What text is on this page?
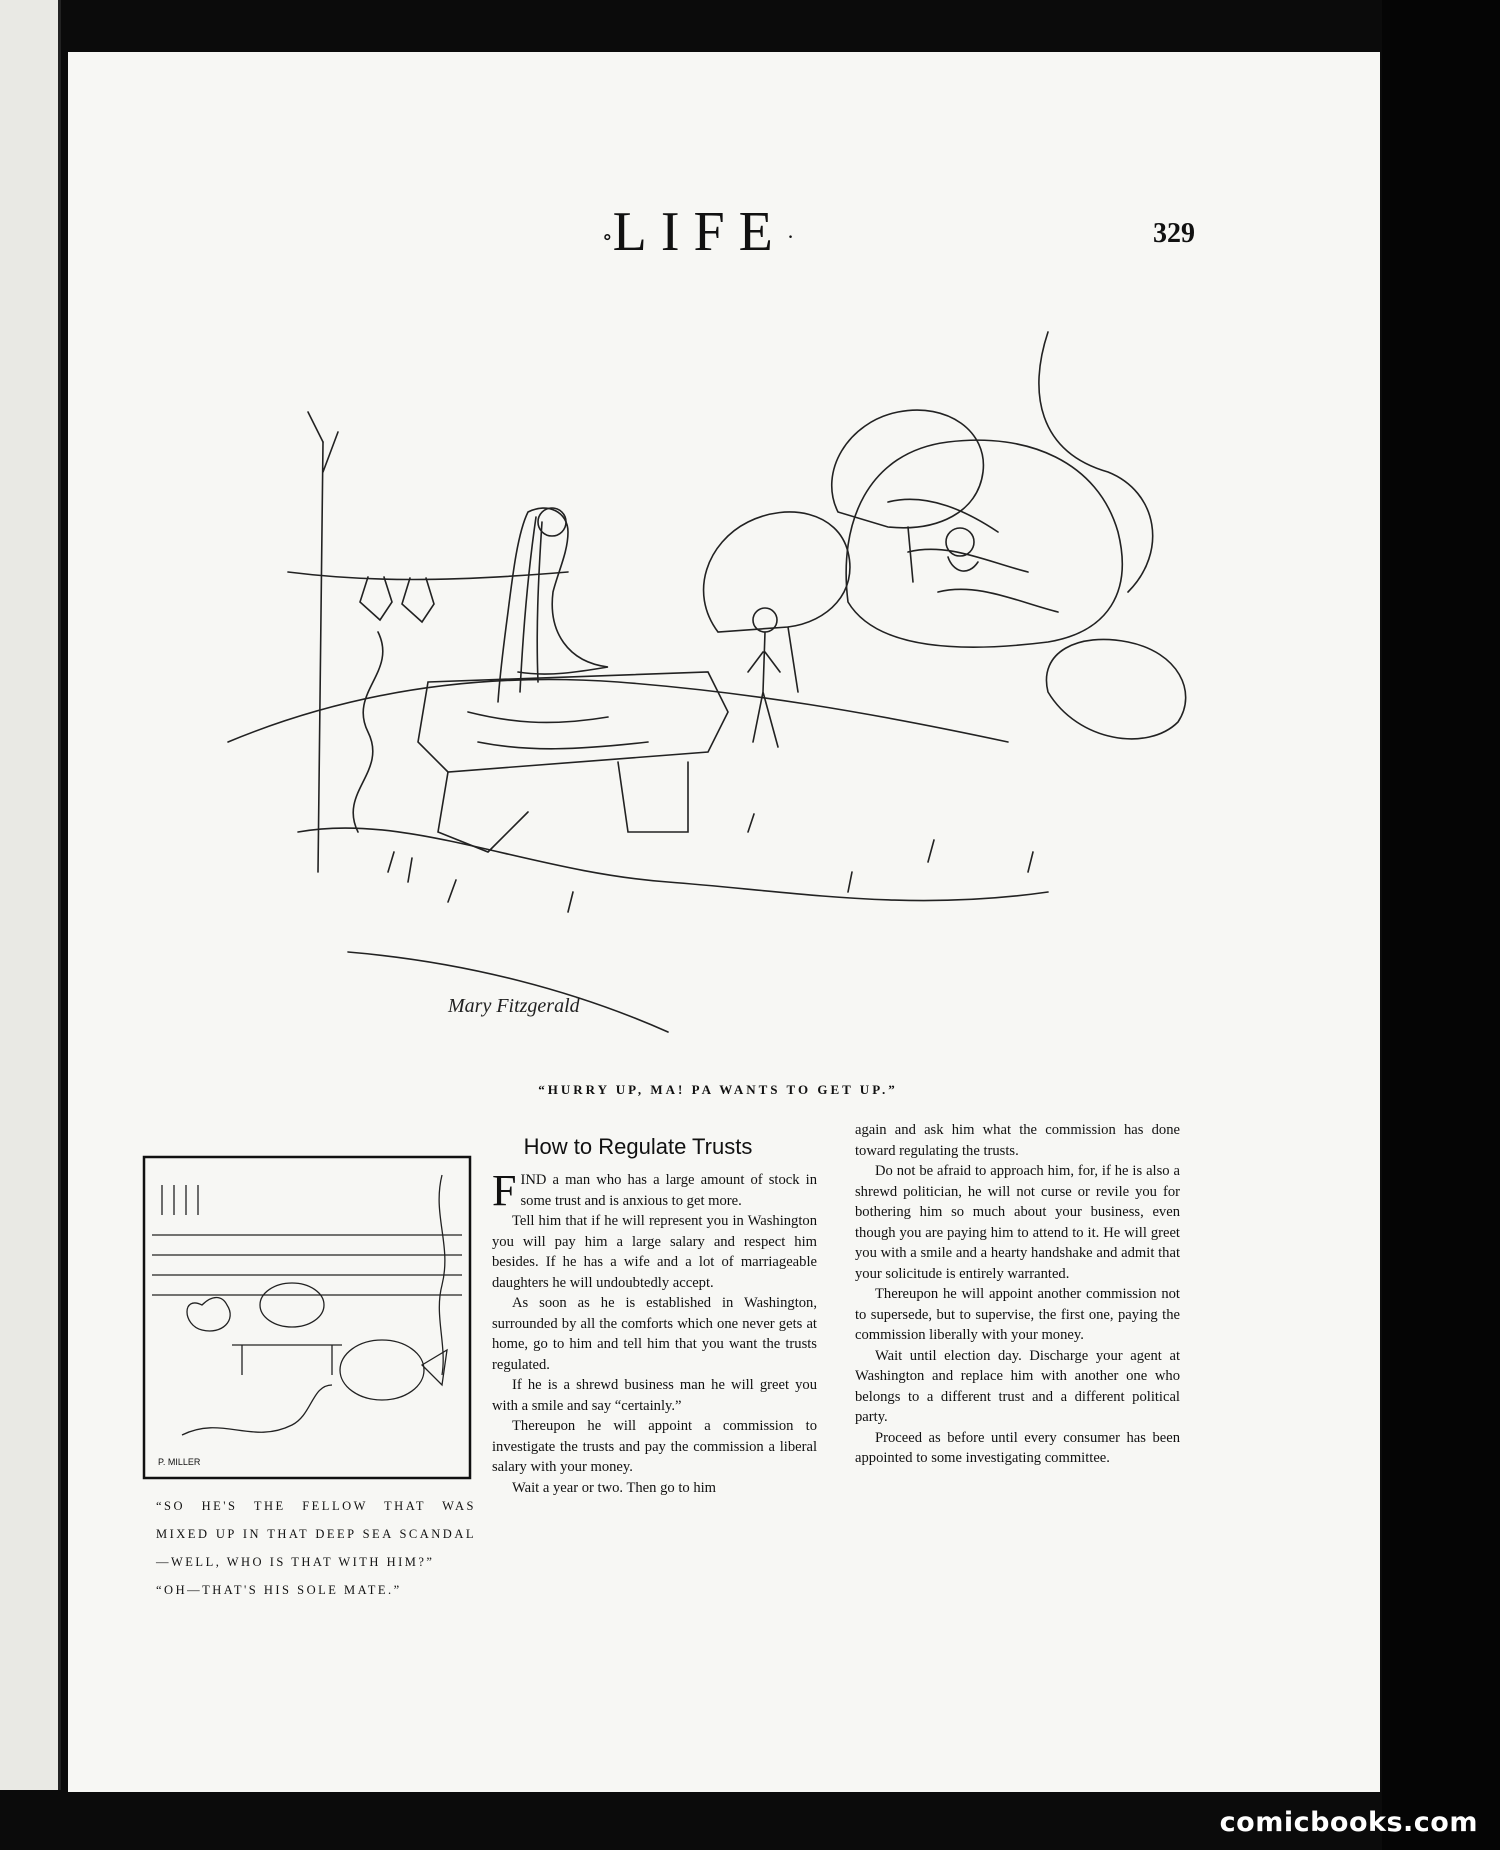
∘LIFE·	329
Mary Fitzgerald
“HURRY UP, MA! PA WANTS TO GET UP.”
P. MILLER

“SO HE'S THE FELLOW THAT WAS MIXED UP IN THAT DEEP SEA SCANDAL—WELL, WHO IS THAT WITH HIM?”

“OH—THAT'S HIS SOLE MATE.”

How to Regulate Trusts

FIND a man who has a large amount of stock in some trust and is anxious to get more.

Tell him that if he will represent you in Washington you will pay him a large salary and respect him besides. If he has a wife and a lot of marriageable daughters he will undoubtedly accept.

As soon as he is established in Washington, surrounded by all the comforts which one never gets at home, go to him and tell him that you want the trusts regulated.

If he is a shrewd business man he will greet you with a smile and say “certainly.”

Thereupon he will appoint a commission to investigate the trusts and pay the commission a liberal salary with your money.

Wait a year or two. Then go to him

again and ask him what the commission has done toward regulating the trusts.

Do not be afraid to approach him, for, if he is also a shrewd politician, he will not curse or revile you for bothering him so much about your business, even though you are paying him to attend to it. He will greet you with a smile and a hearty handshake and admit that your solicitude is entirely warranted.

Thereupon he will appoint another commission not to supersede, but to supervise, the first one, paying the commission liberally with your money.

Wait until election day. Discharge your agent at Washington and replace him with another one who belongs to a different trust and a different political party.

Proceed as before until every consumer has been appointed to some investigating committee.

comicbooks.com
